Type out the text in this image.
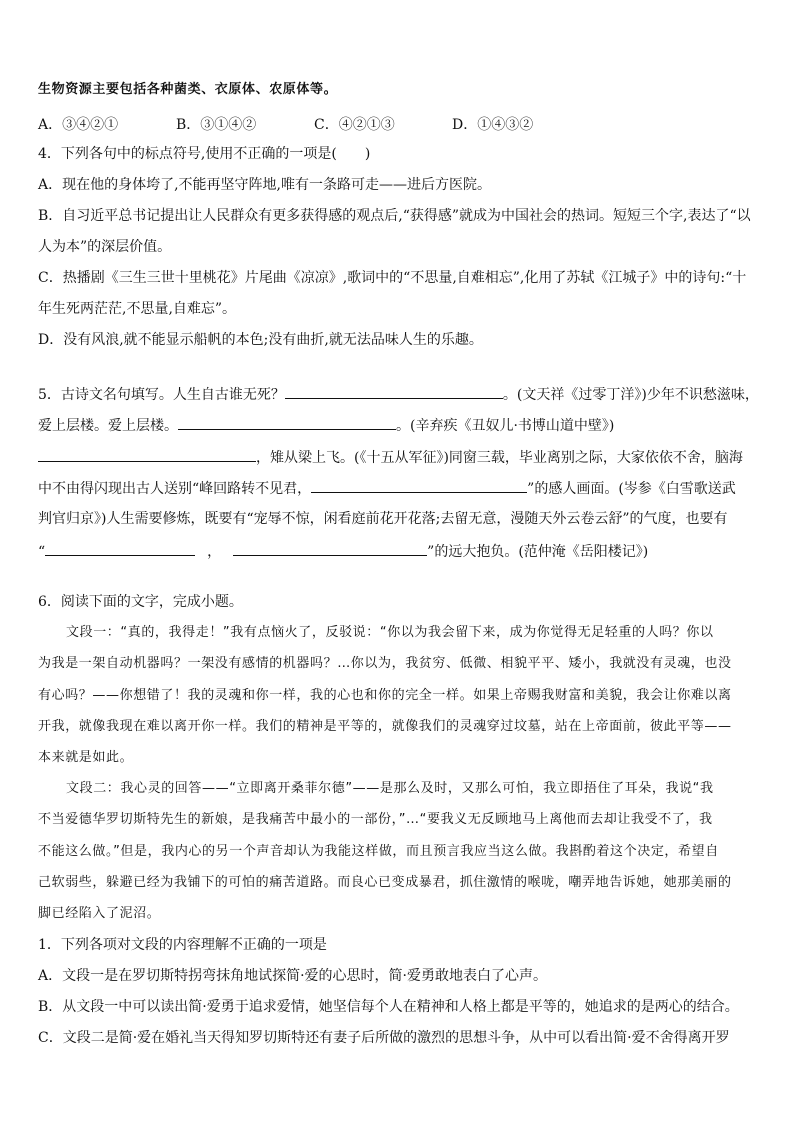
生物资源主要包括各种菌类、衣原体、农原体等。
A．③④②①	B．③①④②	C．④②①③	D．①④③②
4．下列各句中的标点符号,使用不正确的一项是(　　)
A．现在他的身体垮了,不能再坚守阵地,唯有一条路可走——进后方医院。
B．自习近平总书记提出让人民群众有更多获得感的观点后,“获得感”就成为中国社会的热词。短短三个字,表达了“以
人为本”的深层价值。
C．热播剧《三生三世十里桃花》片尾曲《凉凉》,歌词中的“不思量,自难相忘”,化用了苏轼《江城子》中的诗句:“十
年生死两茫茫,不思量,自难忘”。
D．没有风浪,就不能显示船帆的本色;没有曲折,就无法品味人生的乐趣。
5．古诗文名句填写。人生自古谁无死？	。(文天祥《过零丁洋》)少年不识愁滋味，
爱上层楼。爱上层楼。	。(辛弃疾《丑奴儿·书博山道中壁》)
，雉从梁上飞。(《十五从军征》)同窗三载，毕业离别之际，大家依依不舍，脑海
中不由得闪现出古人送别“峰回路转不见君，	”的感人画面。(岑参《白雪歌送武
判官归京》)人生需要修炼，既要有“宠辱不惊，闲看庭前花开花落;去留无意，漫随天外云卷云舒”的气度，也要有
“	，	”的远大抱负。(范仲淹《岳阳楼记》)
6．阅读下面的文字，完成小题。
文段一：“真的，我得走！”我有点恼火了，反驳说：“你以为我会留下来，成为你觉得无足轻重的人吗？你以
为我是一架自动机器吗？一架没有感情的机器吗？…你以为，我贫穷、低微、相貌平平、矮小，我就没有灵魂，也没
有心吗？——你想错了！我的灵魂和你一样，我的心也和你的完全一样。如果上帝赐我财富和美貌，我会让你难以离
开我，就像我现在难以离开你一样。我们的精神是平等的，就像我们的灵魂穿过坟墓，站在上帝面前，彼此平等——
本来就是如此。
文段二：我心灵的回答——“立即离开桑菲尔德”——是那么及时，又那么可怕，我立即捂住了耳朵，我说“我
不当爱德华罗切斯特先生的新娘，是我痛苦中最小的一部份，”…“要我义无反顾地马上离他而去却让我受不了，我
不能这么做。”但是，我内心的另一个声音却认为我能这样做，而且预言我应当这么做。我斟酌着这个决定，希望自
己软弱些，躲避已经为我铺下的可怕的痛苦道路。而良心已变成暴君，抓住激情的喉咙，嘲弄地告诉她，她那美丽的
脚已经陷入了泥沼。
1．下列各项对文段的内容理解不正确的一项是
A．文段一是在罗切斯特拐弯抹角地试探简·爱的心思时，简·爱勇敢地表白了心声。
B．从文段一中可以读出简·爱勇于追求爱情，她坚信每个人在精神和人格上都是平等的，她追求的是两心的结合。
C．文段二是简·爱在婚礼当天得知罗切斯特还有妻子后所做的激烈的思想斗争，从中可以看出简·爱不舍得离开罗
